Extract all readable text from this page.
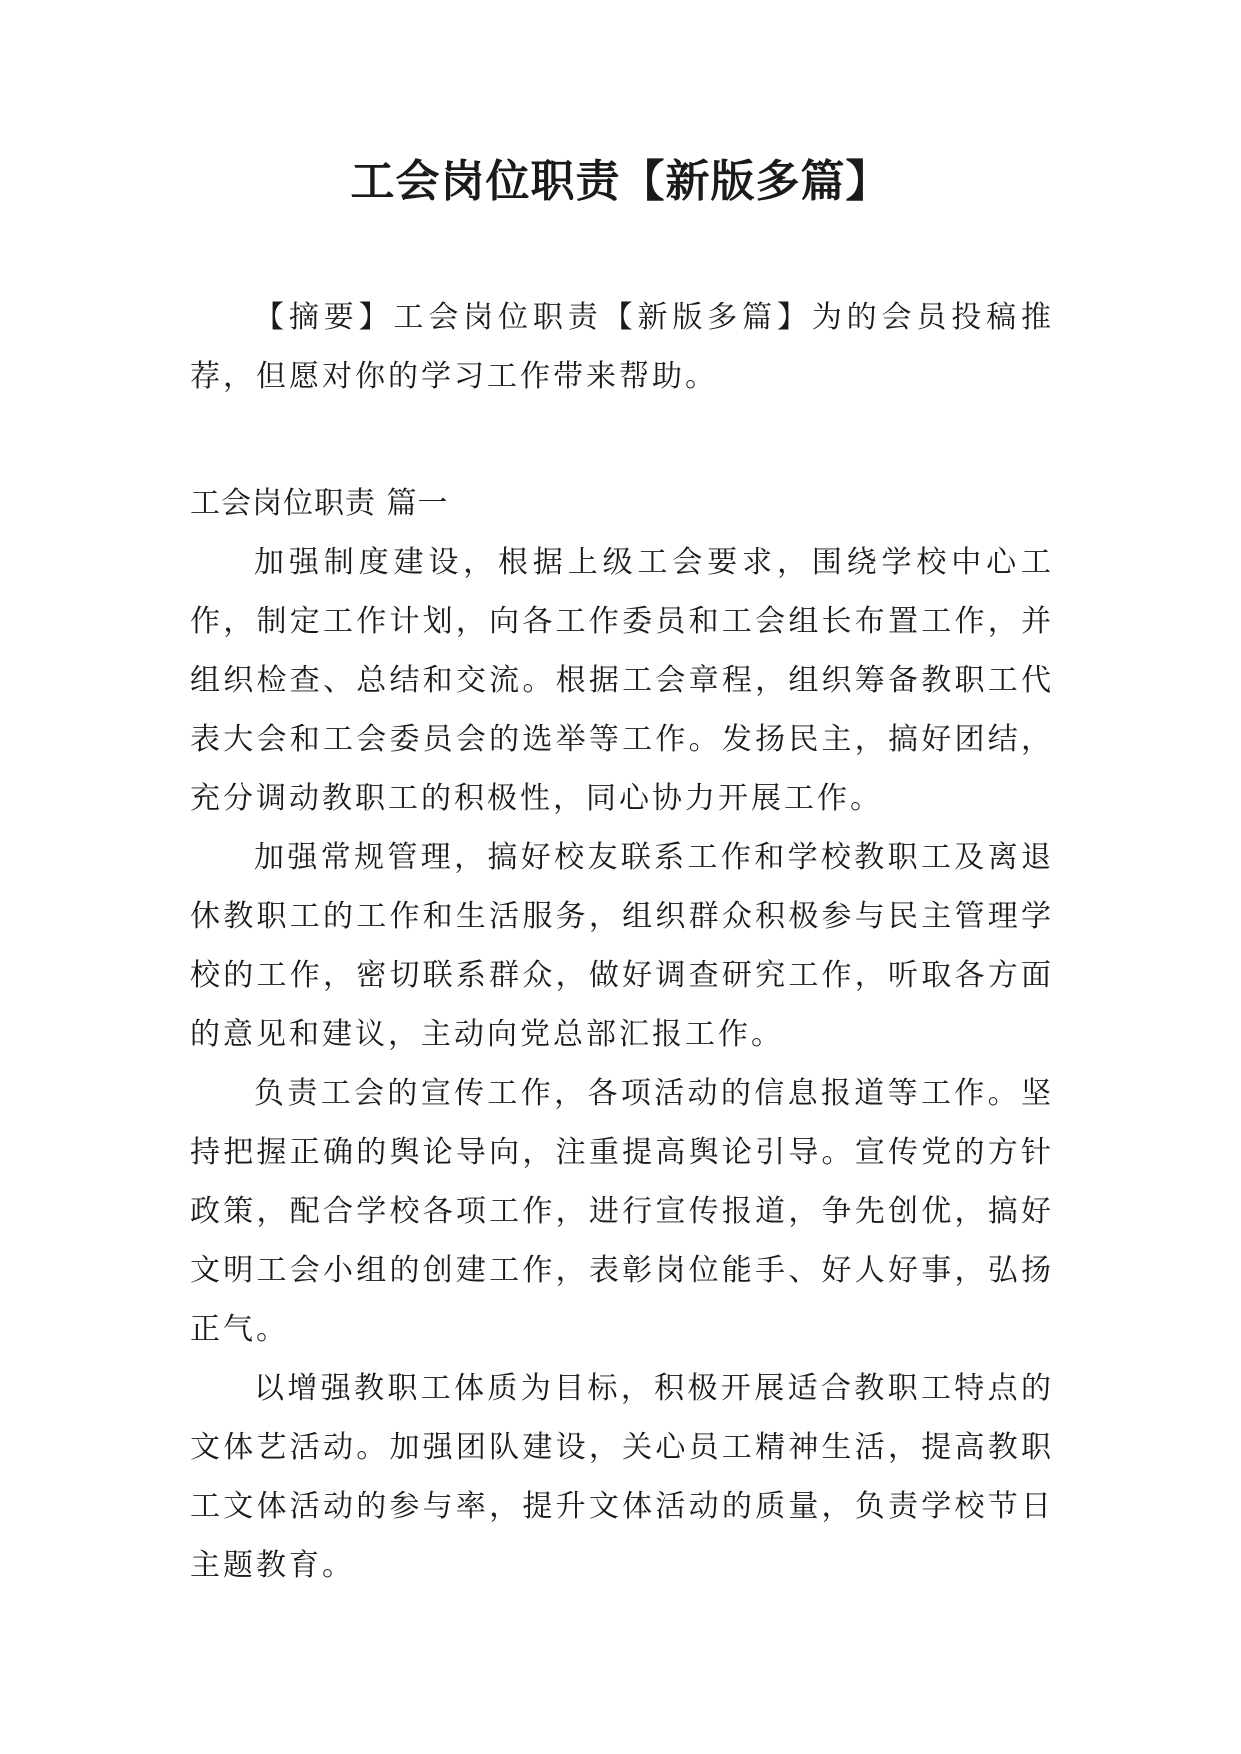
工会岗位职责【新版多篇】

【摘要】工会岗位职责【新版多篇】为的会员投稿推荐，但愿对你的学习工作带来帮助。

工会岗位职责 篇一

加强制度建设，根据上级工会要求，围绕学校中心工作，制定工作计划，向各工作委员和工会组长布置工作，并组织检查、总结和交流。根据工会章程，组织筹备教职工代表大会和工会委员会的选举等工作。发扬民主，搞好团结，充分调动教职工的积极性，同心协力开展工作。

加强常规管理，搞好校友联系工作和学校教职工及离退休教职工的工作和生活服务，组织群众积极参与民主管理学校的工作，密切联系群众，做好调查研究工作，听取各方面的意见和建议，主动向党总部汇报工作。

负责工会的宣传工作，各项活动的信息报道等工作。坚持把握正确的舆论导向，注重提高舆论引导。宣传党的方针政策，配合学校各项工作，进行宣传报道，争先创优，搞好文明工会小组的创建工作，表彰岗位能手、好人好事，弘扬正气。

以增强教职工体质为目标，积极开展适合教职工特点的文体艺活动。加强团队建设，关心员工精神生活，提高教职工文体活动的参与率，提升文体活动的质量，负责学校节日主题教育。
